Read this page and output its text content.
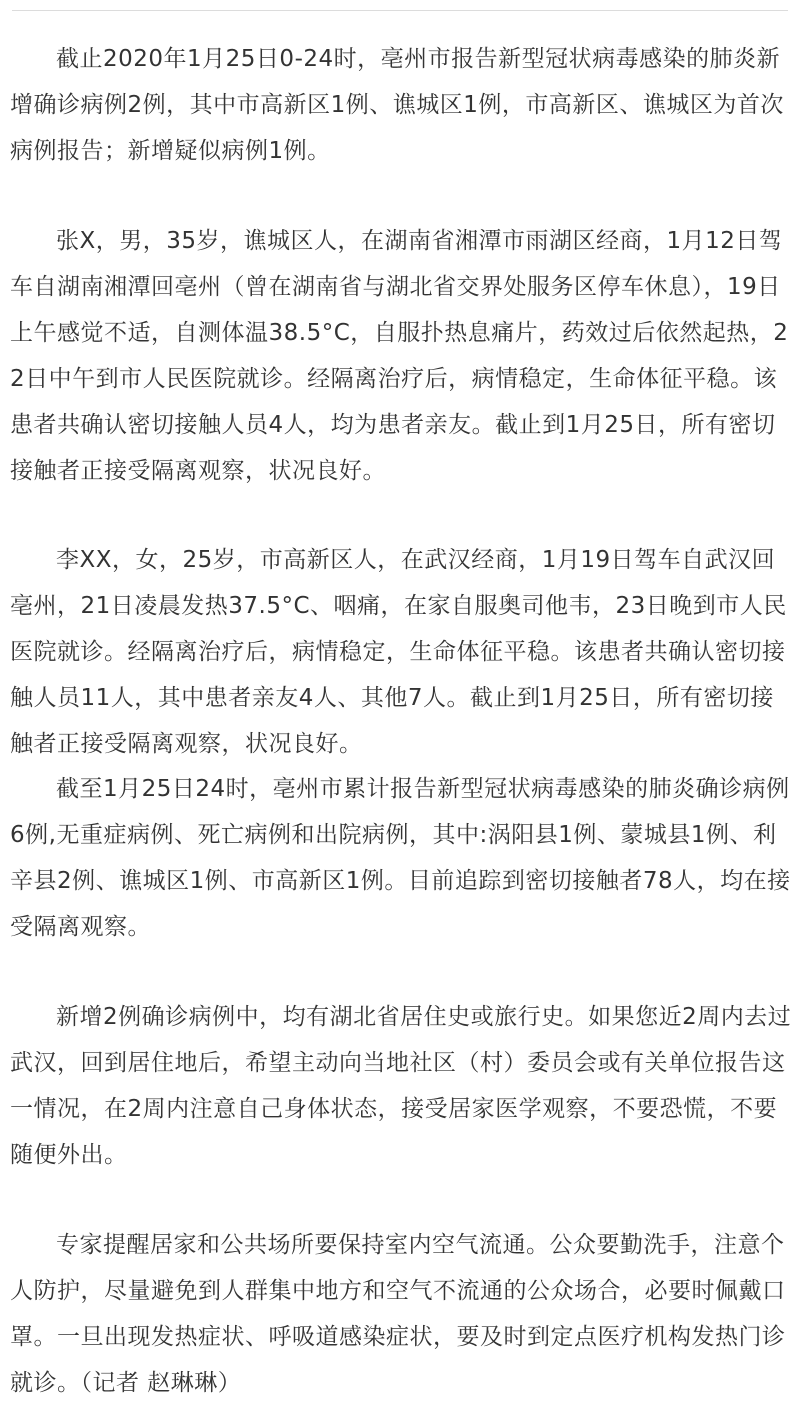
截止2020年1月25日0-24时，亳州市报告新型冠状病毒感染的肺炎新增确诊病例2例，其中市高新区1例、谯城区1例，市高新区、谯城区为首次病例报告；新增疑似病例1例。

张X，男，35岁，谯城区人，在湖南省湘潭市雨湖区经商，1月12日驾车自湖南湘潭回亳州（曾在湖南省与湖北省交界处服务区停车休息），19日上午感觉不适，自测体温38.5°C，自服扑热息痛片，药效过后依然起热，22日中午到市人民医院就诊。经隔离治疗后，病情稳定，生命体征平稳。该患者共确认密切接触人员4人，均为患者亲友。截止到1月25日，所有密切接触者正接受隔离观察，状况良好。

李XX，女，25岁，市高新区人，在武汉经商，1月19日驾车自武汉回亳州，21日凌晨发热37.5°C、咽痛，在家自服奥司他韦，23日晚到市人民医院就诊。经隔离治疗后，病情稳定，生命体征平稳。该患者共确认密切接触人员11人，其中患者亲友4人、其他7人。截止到1月25日，所有密切接触者正接受隔离观察，状况良好。

截至1月25日24时，亳州市累计报告新型冠状病毒感染的肺炎确诊病例6例,无重症病例、死亡病例和出院病例，其中:涡阳县1例、蒙城县1例、利辛县2例、谯城区1例、市高新区1例。目前追踪到密切接触者78人，均在接受隔离观察。

新增2例确诊病例中，均有湖北省居住史或旅行史。如果您近2周内去过武汉，回到居住地后，希望主动向当地社区（村）委员会或有关单位报告这一情况，在2周内注意自己身体状态，接受居家医学观察，不要恐慌，不要随便外出。

专家提醒居家和公共场所要保持室内空气流通。公众要勤洗手，注意个人防护，尽量避免到人群集中地方和空气不流通的公众场合，必要时佩戴口罩。一旦出现发热症状、呼吸道感染症状，要及时到定点医疗机构发热门诊就诊。（记者 赵琳琳）
